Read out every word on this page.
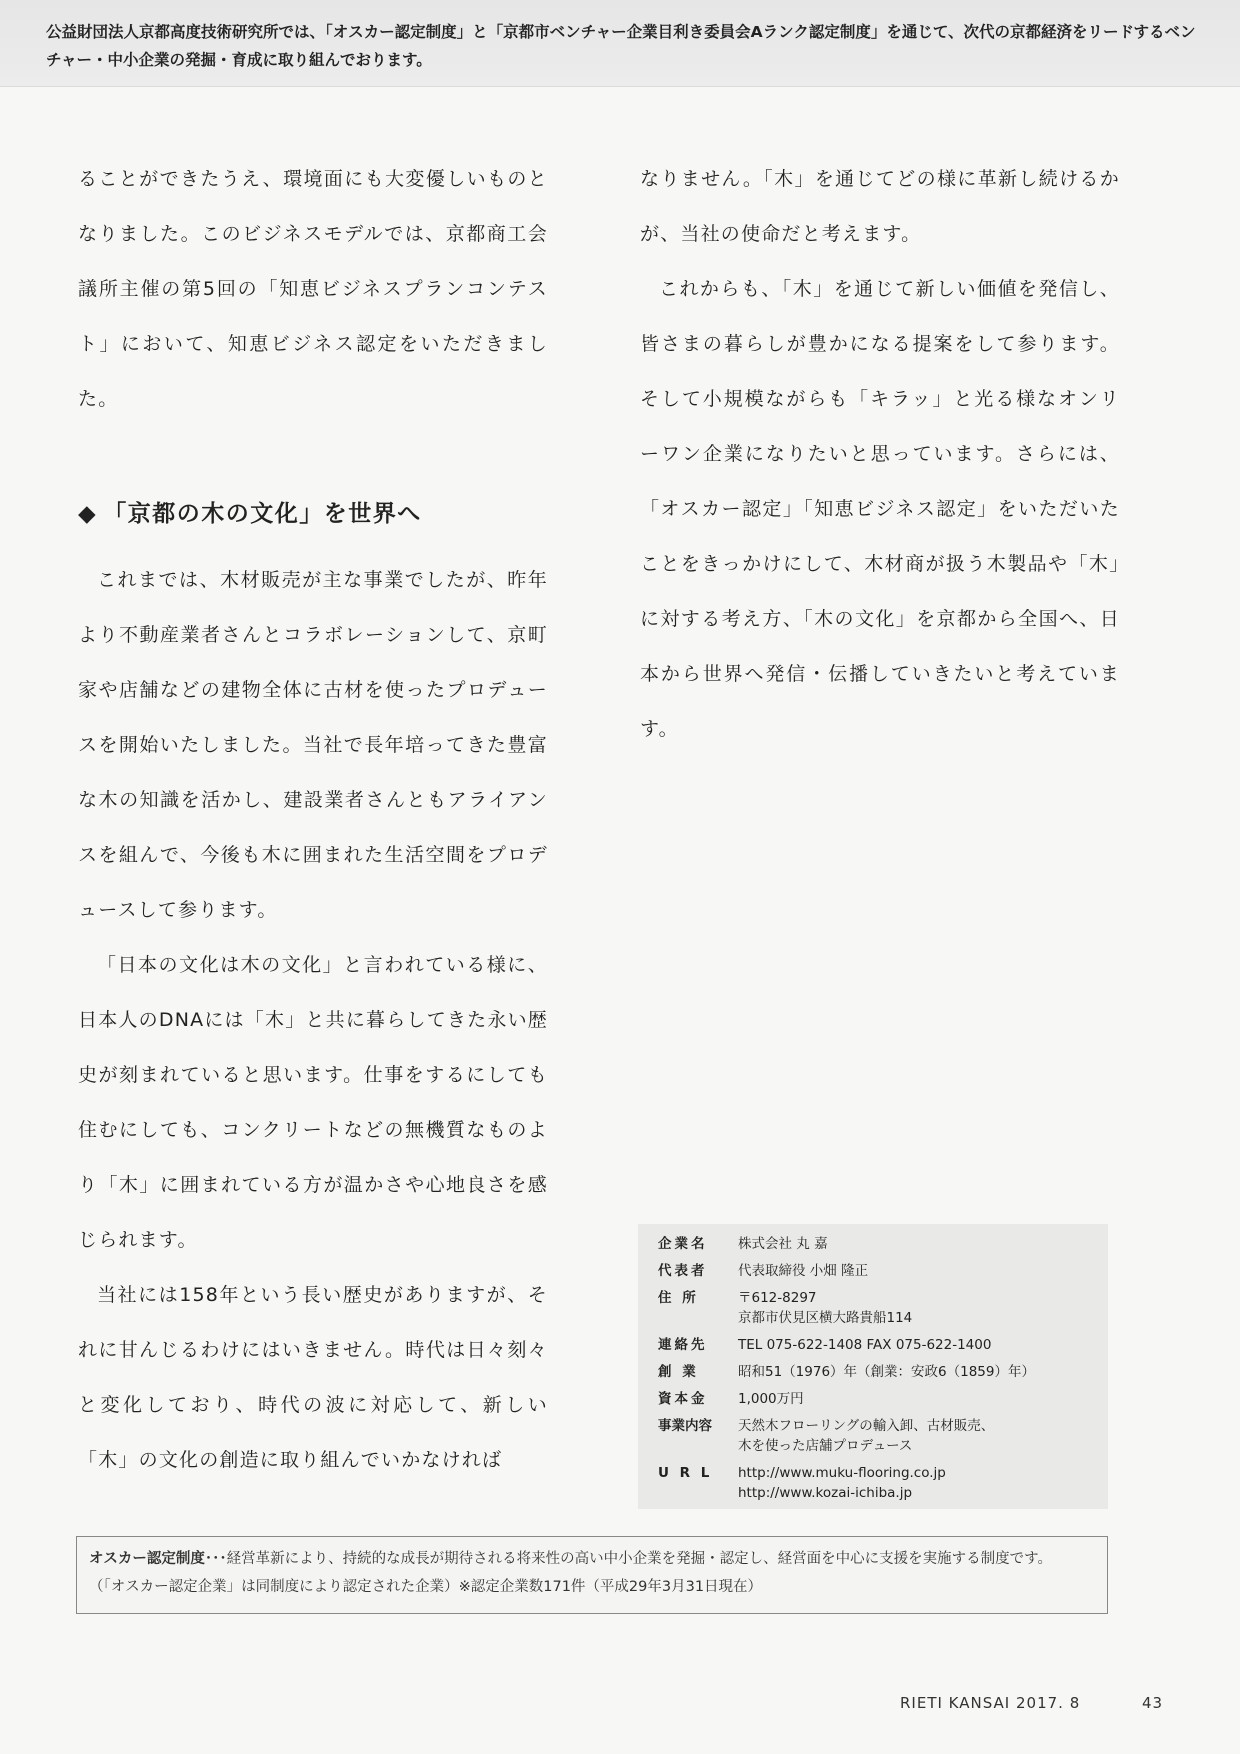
公益財団法人京都高度技術研究所では、「オスカー認定制度」と「京都市ベンチャー企業目利き委員会Aランク認定制度」を通じて、次代の京都経済をリードするベンチャー・中小企業の発掘・育成に取り組んでおります。

ることができたうえ、環境面にも大変優しいものとなりました。このビジネスモデルでは、京都商工会議所主催の第5回の「知恵ビジネスプランコンテスト」において、知恵ビジネス認定をいただきました。

◆ 「京都の木の文化」を世界へ

これまでは、木材販売が主な事業でしたが、昨年より不動産業者さんとコラボレーションして、京町家や店舗などの建物全体に古材を使ったプロデュースを開始いたしました。当社で長年培ってきた豊富な木の知識を活かし、建設業者さんともアライアンスを組んで、今後も木に囲まれた生活空間をプロデュースして参ります。

「日本の文化は木の文化」と言われている様に、日本人のDNAには「木」と共に暮らしてきた永い歴史が刻まれていると思います。仕事をするにしても住むにしても、コンクリートなどの無機質なものより「木」に囲まれている方が温かさや心地良さを感じられます。

当社には158年という長い歴史がありますが、それに甘んじるわけにはいきません。時代は日々刻々と変化しており、時代の波に対応して、新しい「木」の文化の創造に取り組んでいかなければ

なりません。「木」を通じてどの様に革新し続けるかが、当社の使命だと考えます。

これからも、「木」を通じて新しい価値を発信し、皆さまの暮らしが豊かになる提案をして参ります。そして小規模ながらも「キラッ」と光る様なオンリーワン企業になりたいと思っています。さらには、「オスカー認定」「知恵ビジネス認定」をいただいたことをきっかけにして、木材商が扱う木製品や「木」に対する考え方、「木の文化」を京都から全国へ、日本から世界へ発信・伝播していきたいと考えています。

企業名	株式会社 丸 嘉
代表者	代表取締役 小畑 隆正
住 所	〒612-8297
京都市伏見区横大路貴船114

連絡先	TEL 075-622-1408 FAX 075-622-1400
創 業	昭和51（1976）年（創業：安政6（1859）年）
資本金	1,000万円
事業内容	天然木フローリングの輸入卸、古材販売、
木を使った店舗プロデュース

U R L	http://www.muku-flooring.co.jp
http://www.kozai-ichiba.jp
オスカー認定制度･･･経営革新により、持続的な成長が期待される将来性の高い中小企業を発掘・認定し、経営面を中心に支援を実施する制度です。
（「オスカー認定企業」は同制度により認定された企業）※認定企業数171件（平成29年3月31日現在）
RIETI KANSAI 2017. 8	43
